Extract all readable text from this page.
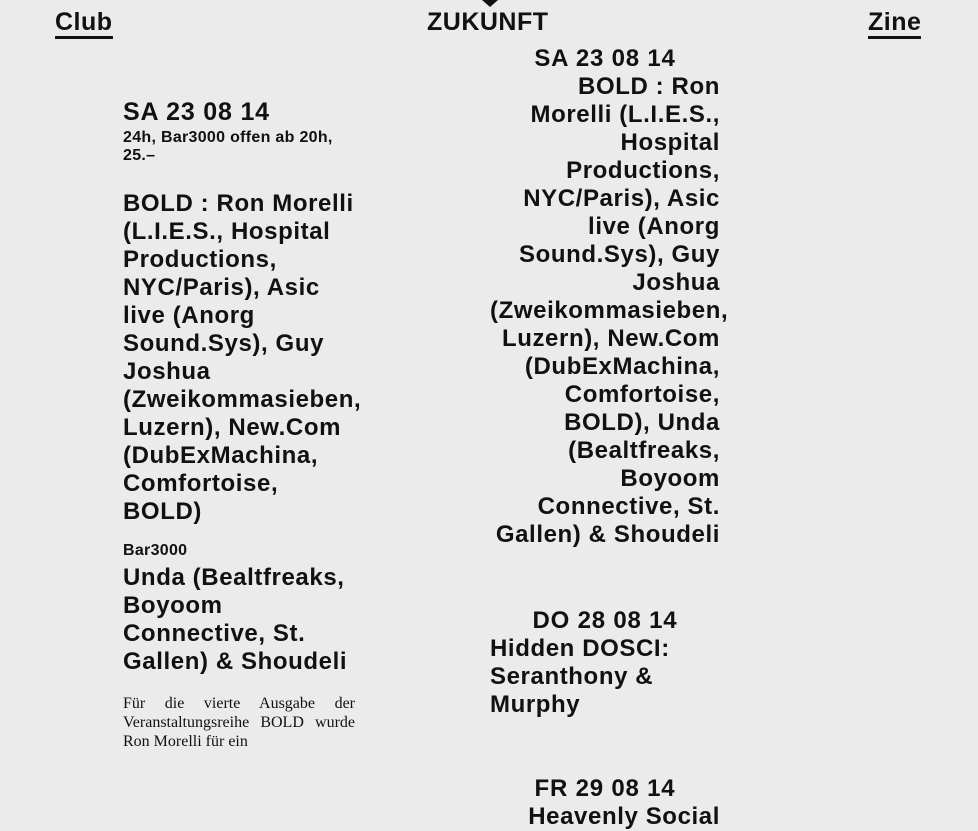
Club	ZUKUNFT	Zine
SA 23 08 14
24h, Bar3000 offen ab 20h, 25.–
BOLD : Ron Morelli (L.I.E.S., Hospital Productions, NYC/Paris), Asic live (Anorg Sound.Sys), Guy Joshua (Zweikommasieben, Luzern), New.Com (DubExMachina, Comfortoise, BOLD)
Bar3000
Unda (Bealtfreaks, Boyoom Connective, St. Gallen) & Shoudeli
Für die vierte Ausgabe der Veranstaltungsreihe BOLD wurde Ron Morelli für ein
SA 23 08 14
BOLD : Ron Morelli (L.I.E.S., Hospital Productions, NYC/Paris), Asic live (Anorg Sound.Sys), Guy Joshua (Zweikommasieben, Luzern), New.Com (DubExMachina, Comfortoise, BOLD), Unda (Bealtfreaks, Boyoom Connective, St. Gallen) & Shoudeli
DO 28 08 14
Hidden DOSCI: Seranthony & Murphy
FR 29 08 14
Heavenly Social
